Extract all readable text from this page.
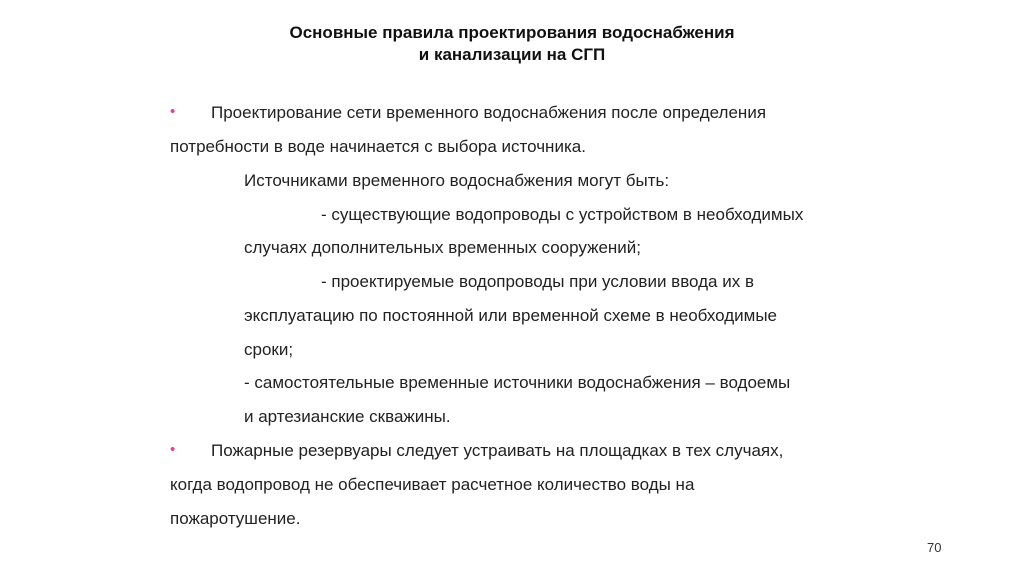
Основные правила проектирования водоснабжения
и канализации на СГП
• Проектирование сети временного водоснабжения после определения
потребности в воде начинается с выбора источника.
Источниками временного водоснабжения могут быть:
- существующие водопроводы с устройством в необходимых
случаях дополнительных временных сооружений;
- проектируемые водопроводы при условии ввода их в
эксплуатацию по постоянной или временной схеме в необходимые
сроки;
- самостоятельные временные источники водоснабжения – водоемы
и артезианские скважины.
• Пожарные резервуары следует устраивать на площадках в тех случаях,
когда водопровод не обеспечивает расчетное количество воды на
пожаротушение.
70
